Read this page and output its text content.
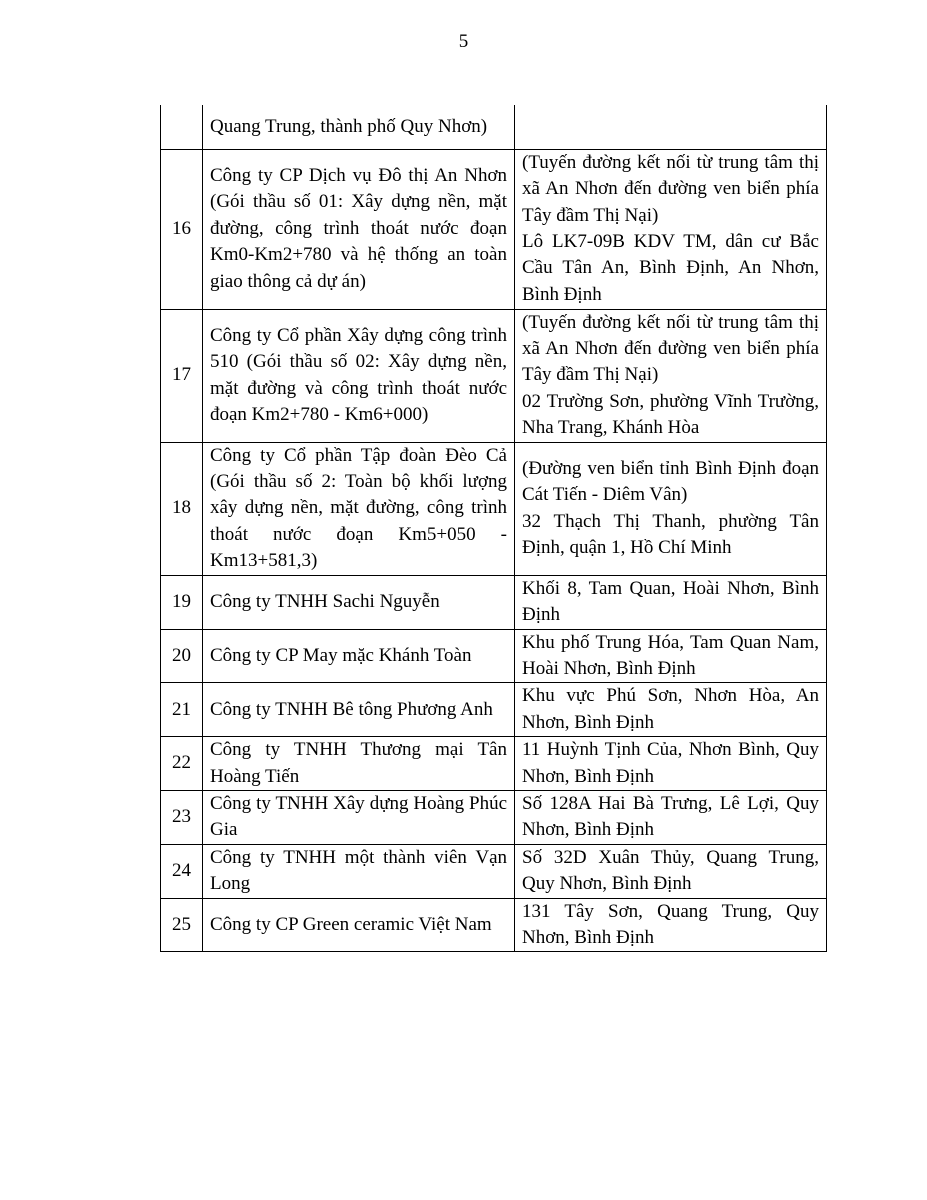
5

	Quang Trung, thành phố Quy Nhơn)	

16	Công ty CP Dịch vụ Đô thị An Nhơn (Gói thầu số 01: Xây dựng nền, mặt đường, công trình thoát nước đoạn Km0-Km2+780 và hệ thống an toàn giao thông cả dự án)	(Tuyến đường kết nối từ trung tâm thị xã An Nhơn đến đường ven biển phía Tây đầm Thị Nại)
Lô LK7-09B KDV TM, dân cư Bắc Cầu Tân An, Bình Định, An Nhơn, Bình Định

17	Công ty Cổ phần Xây dựng công trình 510 (Gói thầu số 02: Xây dựng nền, mặt đường và công trình thoát nước đoạn Km2+780 - Km6+000)	(Tuyến đường kết nối từ trung tâm thị xã An Nhơn đến đường ven biển phía Tây đầm Thị Nại)
02 Trường Sơn, phường Vĩnh Trường, Nha Trang, Khánh Hòa

18	Công ty Cổ phần Tập đoàn Đèo Cả (Gói thầu số 2: Toàn bộ khối lượng xây dựng nền, mặt đường, công trình thoát nước đoạn Km5+050 - Km13+581,3)	(Đường ven biển tỉnh Bình Định đoạn Cát Tiến - Diêm Vân)
32 Thạch Thị Thanh, phường Tân Định, quận 1, Hồ Chí Minh

19	Công ty TNHH Sachi Nguyễn	Khối 8, Tam Quan, Hoài Nhơn, Bình Định

20	Công ty CP May mặc Khánh Toàn	Khu phố Trung Hóa, Tam Quan Nam, Hoài Nhơn, Bình Định

21	Công ty TNHH Bê tông Phương Anh	Khu vực Phú Sơn, Nhơn Hòa, An Nhơn, Bình Định

22	Công ty TNHH Thương mại Tân Hoàng Tiến	11 Huỳnh Tịnh Của, Nhơn Bình, Quy Nhơn, Bình Định

23	Công ty TNHH Xây dựng Hoàng Phúc Gia	Số 128A Hai Bà Trưng, Lê Lợi, Quy Nhơn, Bình Định

24	Công ty TNHH một thành viên Vạn Long	Số 32D Xuân Thủy, Quang Trung, Quy Nhơn, Bình Định

25	Công ty CP Green ceramic Việt Nam	131 Tây Sơn, Quang Trung, Quy Nhơn, Bình Định
